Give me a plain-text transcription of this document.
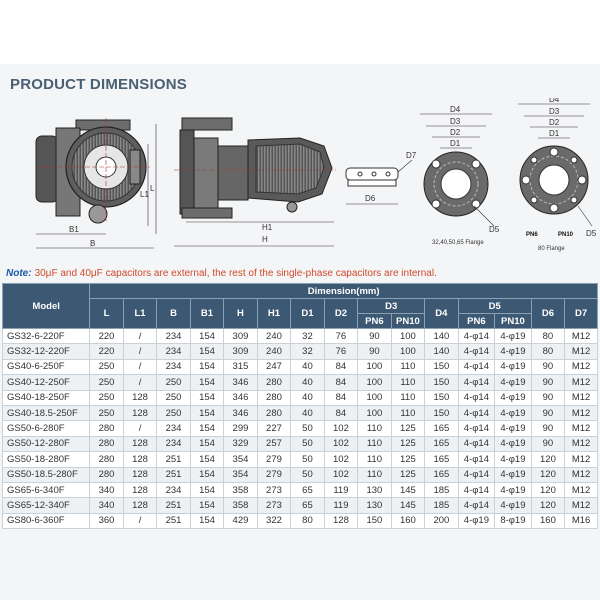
PRODUCT DIMENSIONS
L1
L
B1
B
H1
H
D7
D6
D4
D3
D2
D1
D5
32,40,50,65 Flange
D4
D3
D2
D1
PN6	PN10 D5
80 Flange
Note: 30μF and 40μF capacitors are external, the rest of the single-phase capacitors are internal.
Model	Dimension(mm)														
	L	L1	B	B1	H	H1	D1	D2	D3		D4	D5		D6	D7
									PN6	PN10		PN6	PN10		
GS32-6-220F	220	/	234	154	309	240	32	76	90	100	140	4-φ14	4-φ19	80	M12
GS32-12-220F	220	/	234	154	309	240	32	76	90	100	140	4-φ14	4-φ19	80	M12
GS40-6-250F	250	/	234	154	315	247	40	84	100	110	150	4-φ14	4-φ19	90	M12
GS40-12-250F	250	/	250	154	346	280	40	84	100	110	150	4-φ14	4-φ19	90	M12
GS40-18-250F	250	128	250	154	346	280	40	84	100	110	150	4-φ14	4-φ19	90	M12
GS40-18.5-250F	250	128	250	154	346	280	40	84	100	110	150	4-φ14	4-φ19	90	M12
GS50-6-280F	280	/	234	154	299	227	50	102	110	125	165	4-φ14	4-φ19	90	M12
GS50-12-280F	280	128	234	154	329	257	50	102	110	125	165	4-φ14	4-φ19	90	M12
GS50-18-280F	280	128	251	154	354	279	50	102	110	125	165	4-φ14	4-φ19	120	M12
GS50-18.5-280F	280	128	251	154	354	279	50	102	110	125	165	4-φ14	4-φ19	120	M12
GS65-6-340F	340	128	234	154	358	273	65	119	130	145	185	4-φ14	4-φ19	120	M12
GS65-12-340F	340	128	251	154	358	273	65	119	130	145	185	4-φ14	4-φ19	120	M12
GS80-6-360F	360	/	251	154	429	322	80	128	150	160	200	4-φ19	8-φ19	160	M16
